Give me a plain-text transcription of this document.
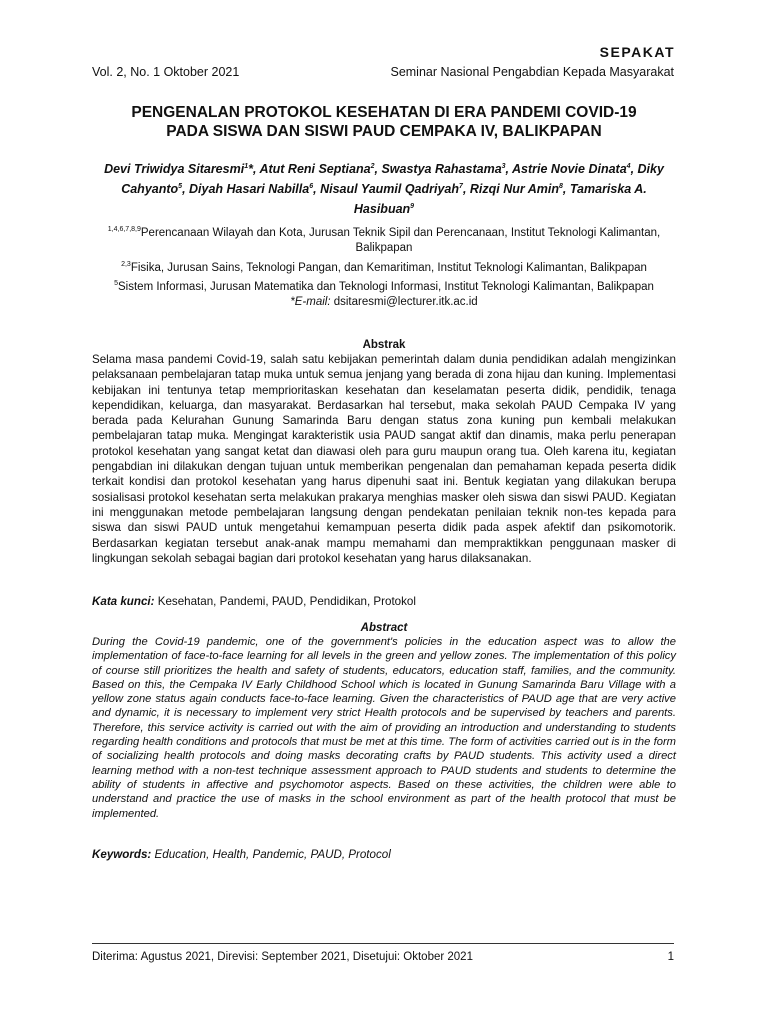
SEPAKAT
Vol. 2, No. 1 Oktober 2021	Seminar Nasional Pengabdian Kepada Masyarakat
PENGENALAN PROTOKOL KESEHATAN DI ERA PANDEMI COVID-19
PADA SISWA DAN SISWI PAUD CEMPAKA IV, BALIKPAPAN
Devi Triwidya Sitaresmi$^1$*, Atut Reni Septiana$^2$, Swastya Rahastama$^3$, Astrie Novie Dinata$^4$, Diky Cahyanto$^5$, Diyah Hasari Nabilla$^6$, Nisaul Yaumil Qadriyah$^7$, Rizqi Nur Amin$^8$, Tamariska A. Hasibuan$^9$
$^{1,4,6,7,8,9}$Perencanaan Wilayah dan Kota, Jurusan Teknik Sipil dan Perencanaan, Institut Teknologi Kalimantan, Balikpapan
$^{2,3}$Fisika, Jurusan Sains, Teknologi Pangan, dan Kemaritiman, Institut Teknologi Kalimantan, Balikpapan
$^5$Sistem Informasi, Jurusan Matematika dan Teknologi Informasi, Institut Teknologi Kalimantan, Balikpapan
*E-mail: dsitaresmi@lecturer.itk.ac.id
Abstrak
Selama masa pandemi Covid-19, salah satu kebijakan pemerintah dalam dunia pendidikan adalah mengizinkan pelaksanaan pembelajaran tatap muka untuk semua jenjang yang berada di zona hijau dan kuning. Implementasi kebijakan ini tentunya tetap memprioritaskan kesehatan dan keselamatan peserta didik, pendidik, tenaga kependidikan, keluarga, dan masyarakat. Berdasarkan hal tersebut, maka sekolah PAUD Cempaka IV yang berada pada Kelurahan Gunung Samarinda Baru dengan status zona kuning pun kembali melakukan pembelajaran tatap muka. Mengingat karakteristik usia PAUD sangat aktif dan dinamis, maka perlu penerapan protokol kesehatan yang sangat ketat dan diawasi oleh para guru maupun orang tua. Oleh karena itu, kegiatan pengabdian ini dilakukan dengan tujuan untuk memberikan pengenalan dan pemahaman kepada peserta didik terkait kondisi dan protokol kesehatan yang harus dipenuhi saat ini. Bentuk kegiatan yang dilakukan berupa sosialisasi protokol kesehatan serta melakukan prakarya menghias masker oleh siswa dan siswi PAUD. Kegiatan ini menggunakan metode pembelajaran langsung dengan pendekatan penilaian teknik non-tes kepada para siswa dan siswi PAUD untuk mengetahui kemampuan peserta didik pada aspek afektif dan psikomotorik. Berdasarkan kegiatan tersebut anak-anak mampu memahami dan mempraktikkan penggunaan masker di lingkungan sekolah sebagai bagian dari protokol kesehatan yang harus dilaksanakan.
Kata kunci: Kesehatan, Pandemi, PAUD, Pendidikan, Protokol
Abstract
During the Covid-19 pandemic, one of the government's policies in the education aspect was to allow the implementation of face-to-face learning for all levels in the green and yellow zones. The implementation of this policy of course still prioritizes the health and safety of students, educators, education staff, families, and the community. Based on this, the Cempaka IV Early Childhood School which is located in Gunung Samarinda Baru Village with a yellow zone status again conducts face-to-face learning. Given the characteristics of PAUD age that are very active and dynamic, it is necessary to implement very strict Health protocols and be supervised by teachers and parents. Therefore, this service activity is carried out with the aim of providing an introduction and understanding to students regarding health conditions and protocols that must be met at this time. The form of activities carried out is in the form of socializing health protocols and doing masks decorating crafts by PAUD students. This activity used a direct learning method with a non-test technique assessment approach to PAUD students and students to determine the ability of students in affective and psychomotor aspects. Based on these activities, the children were able to understand and practice the use of masks in the school environment as part of the health protocol that must be implemented.
Keywords: Education, Health, Pandemic, PAUD, Protocol
Diterima: Agustus 2021, Direvisi: September 2021, Disetujui: Oktober 2021	1
